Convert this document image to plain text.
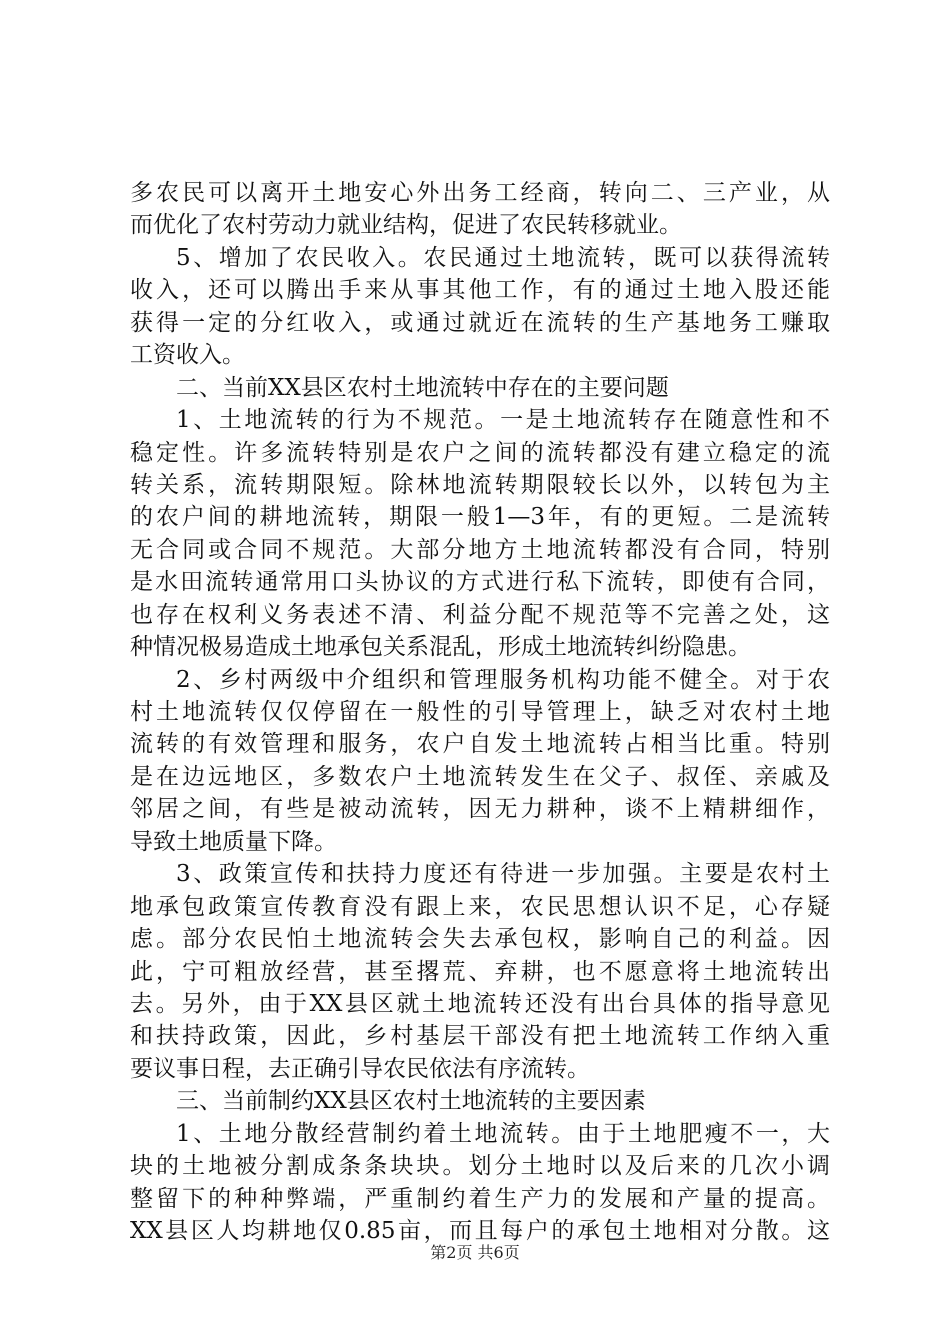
多农民可以离开土地安心外出务工经商，转向二、三产业，从
而优化了农村劳动力就业结构，促进了农民转移就业。
5、增加了农民收入。农民通过土地流转，既可以获得流转
收入，还可以腾出手来从事其他工作，有的通过土地入股还能
获得一定的分红收入，或通过就近在流转的生产基地务工赚取
工资收入。
二、当前XX县区农村土地流转中存在的主要问题
1、土地流转的行为不规范。一是土地流转存在随意性和不
稳定性。许多流转特别是农户之间的流转都没有建立稳定的流
转关系，流转期限短。除林地流转期限较长以外，以转包为主
的农户间的耕地流转，期限一般1—3年，有的更短。二是流转
无合同或合同不规范。大部分地方土地流转都没有合同，特别
是水田流转通常用口头协议的方式进行私下流转，即使有合同，
也存在权利义务表述不清、利益分配不规范等不完善之处，这
种情况极易造成土地承包关系混乱，形成土地流转纠纷隐患。
2、乡村两级中介组织和管理服务机构功能不健全。对于农
村土地流转仅仅停留在一般性的引导管理上，缺乏对农村土地
流转的有效管理和服务，农户自发土地流转占相当比重。特别
是在边远地区，多数农户土地流转发生在父子、叔侄、亲戚及
邻居之间，有些是被动流转，因无力耕种，谈不上精耕细作，
导致土地质量下降。
3、政策宣传和扶持力度还有待进一步加强。主要是农村土
地承包政策宣传教育没有跟上来，农民思想认识不足，心存疑
虑。部分农民怕土地流转会失去承包权，影响自己的利益。因
此，宁可粗放经营，甚至撂荒、弃耕，也不愿意将土地流转出
去。另外，由于XX县区就土地流转还没有出台具体的指导意见
和扶持政策，因此，乡村基层干部没有把土地流转工作纳入重
要议事日程，去正确引导农民依法有序流转。
三、当前制约XX县区农村土地流转的主要因素
1、土地分散经营制约着土地流转。由于土地肥瘦不一，大
块的土地被分割成条条块块。划分土地时以及后来的几次小调
整留下的种种弊端，严重制约着生产力的发展和产量的提高。
XX县区人均耕地仅0.85亩，而且每户的承包土地相对分散。这
第2页 共6页
